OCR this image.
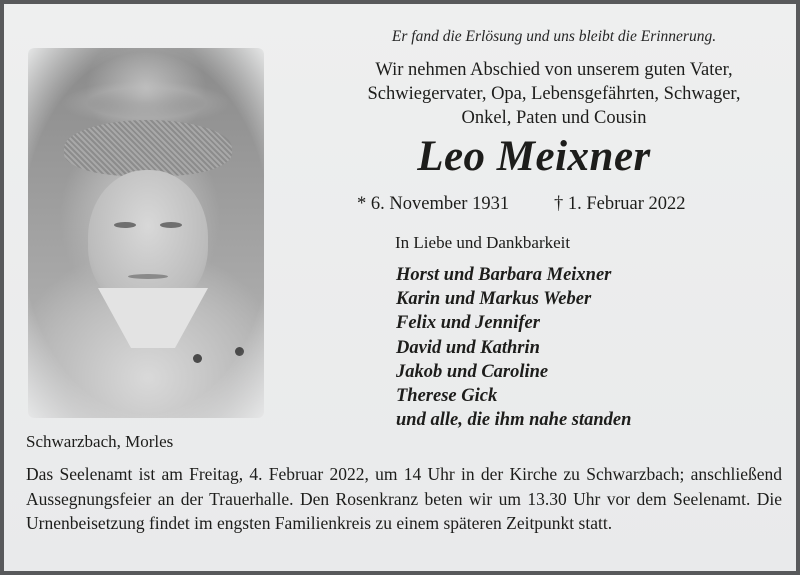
Er fand die Erlösung und uns bleibt die Erinnerung.
Wir nehmen Abschied von unserem guten Vater,
Schwiegervater, Opa, Lebensgefährten, Schwager,
Onkel, Paten und Cousin
Leo Meixner
* 6. November 1931 † 1. Februar 2022
In Liebe und Dankbarkeit
Horst und Barbara Meixner
Karin und Markus Weber
Felix und Jennifer
David und Kathrin
Jakob und Caroline
Therese Gick
und alle, die ihm nahe standen
Schwarzbach, Morles
Das Seelenamt ist am Freitag, 4. Februar 2022, um 14 Uhr in der Kirche zu Schwarzbach; anschließend Aussegnungsfeier an der Trauerhalle. Den Rosenkranz beten wir um 13.30 Uhr vor dem Seelenamt. Die Urnenbeisetzung findet im engsten Familienkreis zu einem späteren Zeitpunkt statt.
